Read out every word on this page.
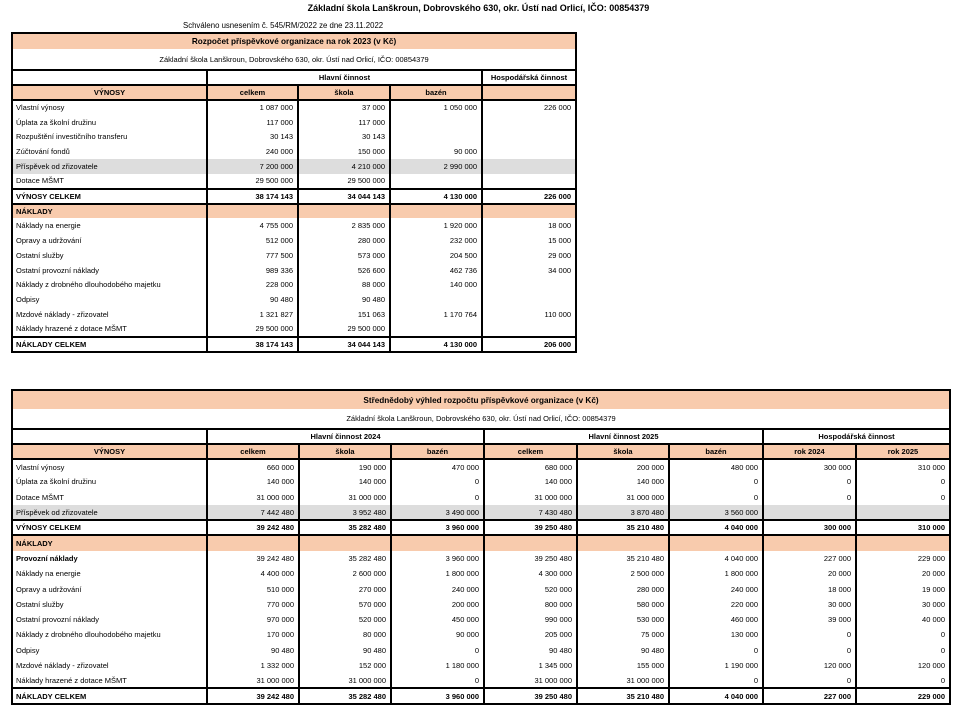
Základní škola Lanškroun, Dobrovského 630, okr. Ústí nad Orlicí, IČO: 00854379
Schváleno usnesením č. 545/RM/2022 ze dne 23.11.2022
Rozpočet příspěvkové organizace na rok 2023 (v Kč)				
Základní škola Lanškroun, Dobrovského 630, okr. Ústí nad Orlicí, IČO: 00854379				
	Hlavní činnost			Hospodářská činnost
VÝNOSY	celkem	škola	bazén	
Vlastní výnosy	1 087 000	37 000	1 050 000	226 000
Úplata za školní družinu	117 000	117 000		
Rozpuštění investičního transferu	30 143	30 143		
Zúčtování fondů	240 000	150 000	90 000	
Příspěvek od zřizovatele	7 200 000	4 210 000	2 990 000	
Dotace MŠMT	29 500 000	29 500 000		
VÝNOSY CELKEM	38 174 143	34 044 143	4 130 000	226 000
NÁKLADY				
Náklady na energie	4 755 000	2 835 000	1 920 000	18 000
Opravy a udržování	512 000	280 000	232 000	15 000
Ostatní služby	777 500	573 000	204 500	29 000
Ostatní provozní náklady	989 336	526 600	462 736	34 000
Náklady z drobného dlouhodobého majetku	228 000	88 000	140 000	
Odpisy	90 480	90 480		
Mzdové náklady - zřizovatel	1 321 827	151 063	1 170 764	110 000
Náklady hrazené z dotace MŠMT	29 500 000	29 500 000		
NÁKLADY CELKEM	38 174 143	34 044 143	4 130 000	206 000
Střednědobý výhled rozpočtu příspěvkové organizace (v Kč)								
Základní škola Lanškroun, Dobrovského 630, okr. Ústí nad Orlicí, IČO: 00854379								
	Hlavní činnost 2024			Hlavní činnost 2025			Hospodářská činnost	
VÝNOSY	celkem	škola	bazén	celkem	škola	bazén	rok 2024	rok 2025
Vlastní výnosy	660 000	190 000	470 000	680 000	200 000	480 000	300 000	310 000
Úplata za školní družinu	140 000	140 000	0	140 000	140 000	0	0	0
Dotace MŠMT	31 000 000	31 000 000	0	31 000 000	31 000 000	0	0	0
Příspěvek od zřizovatele	7 442 480	3 952 480	3 490 000	7 430 480	3 870 480	3 560 000		
VÝNOSY CELKEM	39 242 480	35 282 480	3 960 000	39 250 480	35 210 480	4 040 000	300 000	310 000
NÁKLADY								
Provozní náklady	39 242 480	35 282 480	3 960 000	39 250 480	35 210 480	4 040 000	227 000	229 000
Náklady na energie	4 400 000	2 600 000	1 800 000	4 300 000	2 500 000	1 800 000	20 000	20 000
Opravy a udržování	510 000	270 000	240 000	520 000	280 000	240 000	18 000	19 000
Ostatní služby	770 000	570 000	200 000	800 000	580 000	220 000	30 000	30 000
Ostatní provozní náklady	970 000	520 000	450 000	990 000	530 000	460 000	39 000	40 000
Náklady z drobného dlouhodobého majetku	170 000	80 000	90 000	205 000	75 000	130 000	0	0
Odpisy	90 480	90 480	0	90 480	90 480	0	0	0
Mzdové náklady - zřizovatel	1 332 000	152 000	1 180 000	1 345 000	155 000	1 190 000	120 000	120 000
Náklady hrazené z dotace MŠMT	31 000 000	31 000 000	0	31 000 000	31 000 000	0	0	0
NÁKLADY CELKEM	39 242 480	35 282 480	3 960 000	39 250 480	35 210 480	4 040 000	227 000	229 000
